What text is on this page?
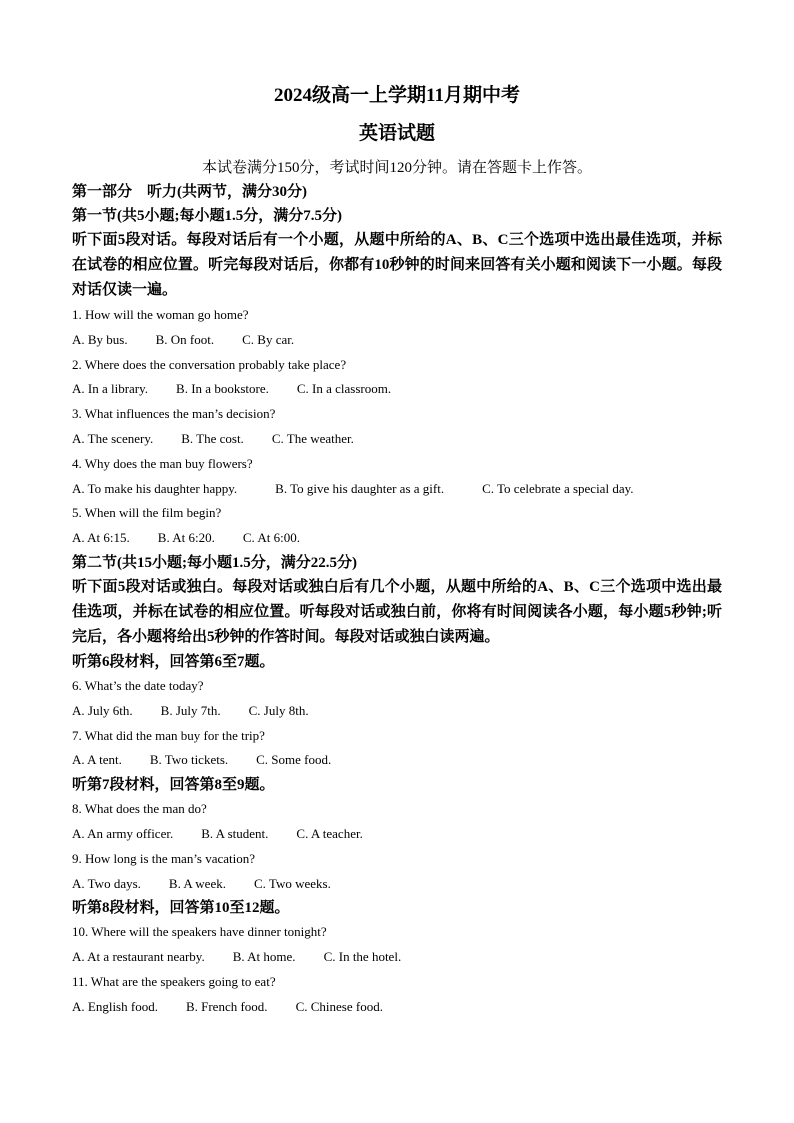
2024级高一上学期11月期中考

英语试题

本试卷满分150分，考试时间120分钟。请在答题卡上作答。

第一部分    听力(共两节，满分30分)

第一节(共5小题;每小题1.5分，满分7.5分)

听下面5段对话。每段对话后有一个小题，从题中所给的A、B、C三个选项中选出最佳选项，并标在试卷的相应位置。听完每段对话后，你都有10秒钟的时间来回答有关小题和阅读下一小题。每段对话仅读一遍。

1. How will the woman go home?

A. By bus. B. On foot. C. By car.

2. Where does the conversation probably take place?

A. In a library. B. In a bookstore. C. In a classroom.

3. What influences the man’s decision?

A. The scenery. B. The cost. C. The weather.

4. Why does the man buy flowers?

A. To make his daughter happy.	B. To give his daughter as a gift.	C. To celebrate a special day.

5. When will the film begin?

A. At 6:15. B. At 6:20. C. At 6:00.

第二节(共15小题;每小题1.5分，满分22.5分)

听下面5段对话或独白。每段对话或独白后有几个小题，从题中所给的A、B、C三个选项中选出最佳选项，并标在试卷的相应位置。听每段对话或独白前，你将有时间阅读各小题，每小题5秒钟;听完后，各小题将给出5秒钟的作答时间。每段对话或独白读两遍。

听第6段材料，回答第6至7题。

6. What’s the date today?

A. July 6th. B. July 7th. C. July 8th.

7. What did the man buy for the trip?

A. A tent. B. Two tickets. C. Some food.

听第7段材料，回答第8至9题。

8. What does the man do?

A. An army officer. B. A student. C. A teacher.

9. How long is the man’s vacation?

A. Two days. B. A week. C. Two weeks.

听第8段材料，回答第10至12题。

10. Where will the speakers have dinner tonight?

A. At a restaurant nearby. B. At home. C. In the hotel.

11. What are the speakers going to eat?

A. English food. B. French food. C. Chinese food.
